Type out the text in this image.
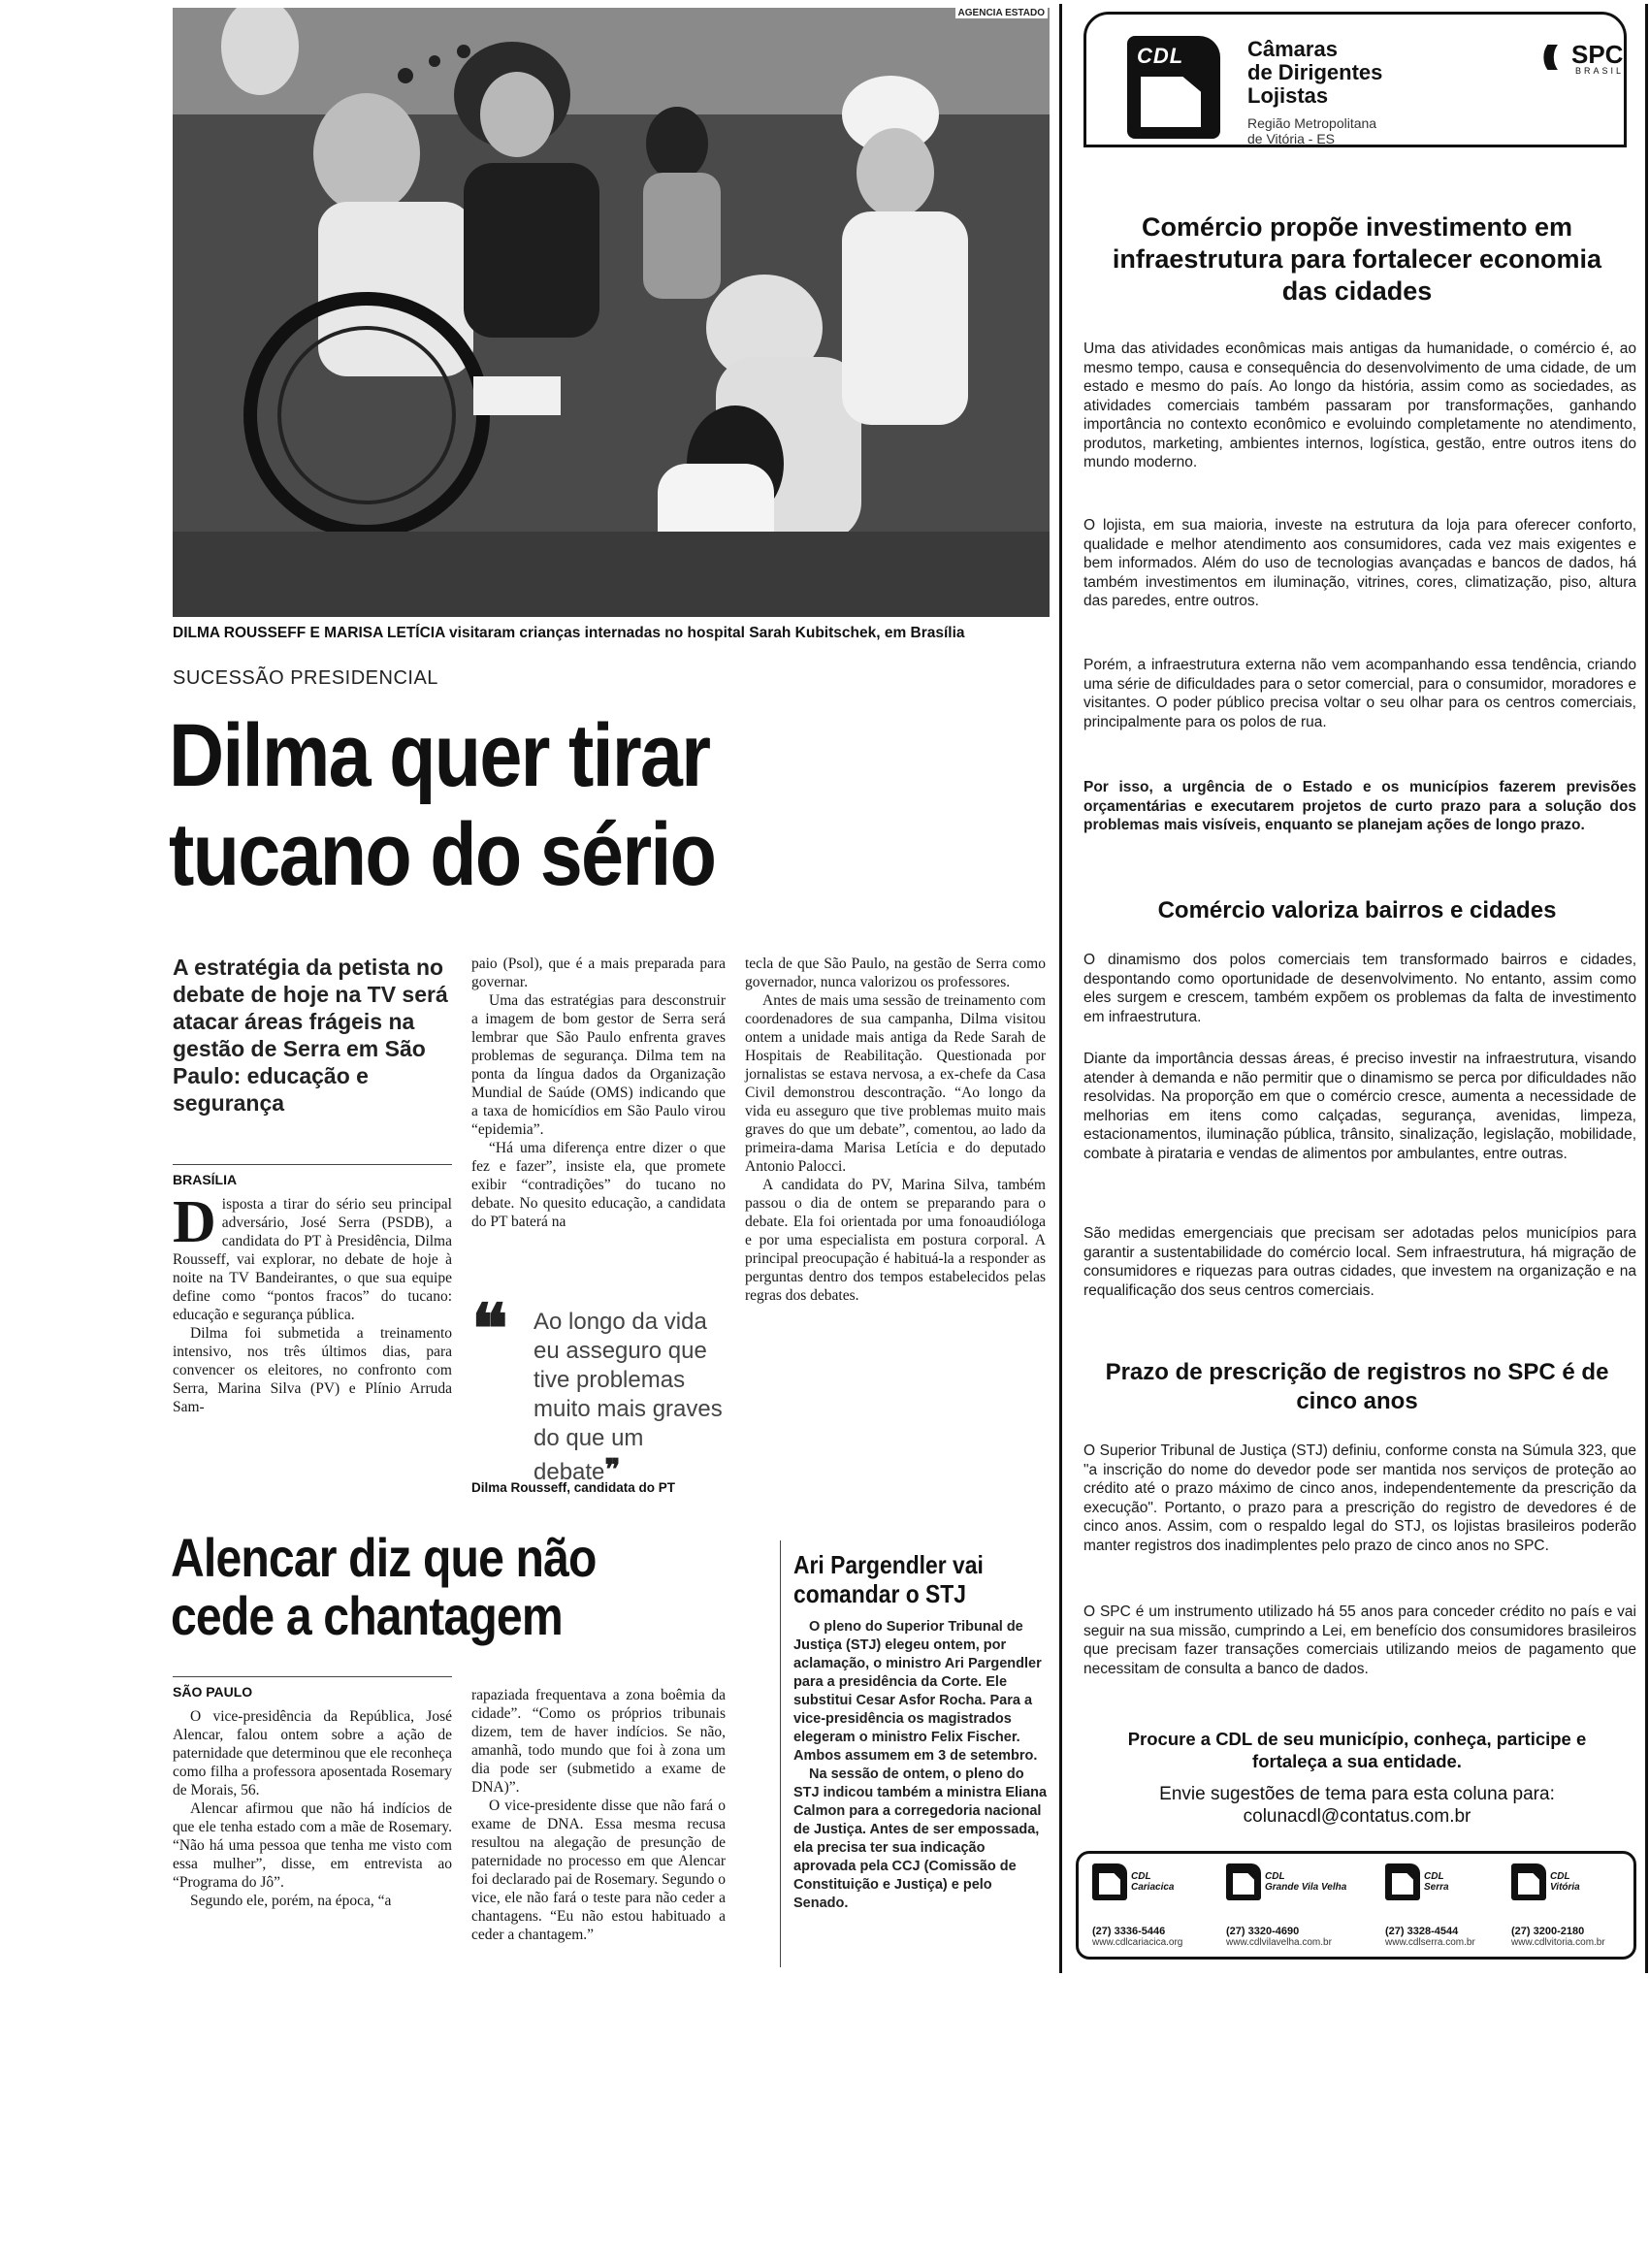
AGÊNCIA ESTADO
DILMA ROUSSEFF E MARISA LETÍCIA visitaram crianças internadas no hospital Sarah Kubitschek, em Brasília
SUCESSÃO PRESIDENCIAL
Dilma quer tirar
tucano do sério
A estratégia da petista no debate de hoje na TV será atacar áreas frágeis na gestão de Serra em São Paulo: educação e segurança
BRASÍLIA

Disposta a tirar do sério seu principal adversário, José Serra (PSDB), a candidata do PT à Presidência, Dilma Rousseff, vai explorar, no debate de hoje à noite na TV Bandeirantes, o que sua equipe define como “pontos fracos” do tucano: educação e segurança pública.

Dilma foi submetida a treinamento intensivo, nos três últimos dias, para convencer os eleitores, no confronto com Serra, Marina Silva (PV) e Plínio Arruda Sam-

paio (Psol), que é a mais preparada para governar.

Uma das estratégias para desconstruir a imagem de bom gestor de Serra será lembrar que São Paulo enfrenta graves problemas de segurança. Dilma tem na ponta da língua dados da Organização Mundial de Saúde (OMS) indicando que a taxa de homicídios em São Paulo virou “epidemia”.

“Há uma diferença entre dizer o que fez e fazer”, insiste ela, que promete exibir “contradições” do tucano no debate. No quesito educação, a candidata do PT baterá na

❝ Ao longo da vida eu asseguro que tive problemas muito mais graves do que um debate❞
Dilma Rousseff, candidata do PT

tecla de que São Paulo, na gestão de Serra como governador, nunca valorizou os professores.

Antes de mais uma sessão de treinamento com coordenadores de sua campanha, Dilma visitou ontem a unidade mais antiga da Rede Sarah de Hospitais de Reabilitação. Questionada por jornalistas se estava nervosa, a ex-chefe da Casa Civil demonstrou descontração. “Ao longo da vida eu asseguro que tive problemas muito mais graves do que um debate”, comentou, ao lado da primeira-dama Marisa Letícia e do deputado Antonio Palocci.

A candidata do PV, Marina Silva, também passou o dia de ontem se preparando para o debate. Ela foi orientada por uma fonoaudióloga e por uma especialista em postura corporal. A principal preocupação é habituá-la a responder as perguntas dentro dos tempos estabelecidos pelas regras dos debates.

Alencar diz que não cede a chantagem
SÃO PAULO

O vice-presidência da República, José Alencar, falou ontem sobre a ação de paternidade que determinou que ele reconheça como filha a professora aposentada Rosemary de Morais, 56.

Alencar afirmou que não há indícios de que ele tenha estado com a mãe de Rosemary. “Não há uma pessoa que tenha me visto com essa mulher”, disse, em entrevista ao “Programa do Jô”.

Segundo ele, porém, na época, “a

rapaziada frequentava a zona boêmia da cidade”. “Como os próprios tribunais dizem, tem de haver indícios. Se não, amanhã, todo mundo que foi à zona um dia pode ser (submetido a exame de DNA)”.

O vice-presidente disse que não fará o exame de DNA. Essa mesma recusa resultou na alegação de presunção de paternidade no processo em que Alencar foi declarado pai de Rosemary. Segundo o vice, ele não fará o teste para não ceder a chantagens. “Eu não estou habituado a ceder a chantagem.”

Ari Pargendler vai comandar o STJ

O pleno do Superior Tribunal de Justiça (STJ) elegeu ontem, por aclamação, o ministro Ari Pargendler para a presidência da Corte. Ele substitui Cesar Asfor Rocha. Para a vice-presidência os magistrados elegeram o ministro Felix Fischer. Ambos assumem em 3 de setembro.

Na sessão de ontem, o pleno do STJ indicou também a ministra Eliana Calmon para a corregedoria nacional de Justiça. Antes de ser empossada, ela precisa ter sua indicação aprovada pela CCJ (Comissão de Constituição e Justiça) e pelo Senado.

CDL	Câmaras
de Dirigentes
Lojistas
Região Metropolitana
de Vitória - ES
((( SPC
BRASIL
Comércio propõe investimento em infraestrutura para fortalecer economia das cidades
Uma das atividades econômicas mais antigas da humanidade, o comércio é, ao mesmo tempo, causa e consequência do desenvolvimento de uma cidade, de um estado e mesmo do país. Ao longo da história, assim como as sociedades, as atividades comerciais também passaram por transformações, ganhando importância no contexto econômico e evoluindo completamente no atendimento, produtos, marketing, ambientes internos, logística, gestão, entre outros itens do mundo moderno.
O lojista, em sua maioria, investe na estrutura da loja para oferecer conforto, qualidade e melhor atendimento aos consumidores, cada vez mais exigentes e bem informados. Além do uso de tecnologias avançadas e bancos de dados, há também investimentos em iluminação, vitrines, cores, climatização, piso, altura das paredes, entre outros.
Porém, a infraestrutura externa não vem acompanhando essa tendência, criando uma série de dificuldades para o setor comercial, para o consumidor, moradores e visitantes. O poder público precisa voltar o seu olhar para os centros comerciais, principalmente para os polos de rua.
Por isso, a urgência de o Estado e os municípios fazerem previsões orçamentárias e executarem projetos de curto prazo para a solução dos problemas mais visíveis, enquanto se planejam ações de longo prazo.
Comércio valoriza bairros e cidades
O dinamismo dos polos comerciais tem transformado bairros e cidades, despontando como oportunidade de desenvolvimento. No entanto, assim como eles surgem e crescem, também expõem os problemas da falta de investimento em infraestrutura.
Diante da importância dessas áreas, é preciso investir na infraestrutura, visando atender à demanda e não permitir que o dinamismo se perca por dificuldades não resolvidas. Na proporção em que o comércio cresce, aumenta a necessidade de melhorias em itens como calçadas, segurança, avenidas, limpeza, estacionamentos, iluminação pública, trânsito, sinalização, legislação, mobilidade, combate à pirataria e vendas de alimentos por ambulantes, entre outras.
São medidas emergenciais que precisam ser adotadas pelos municípios para garantir a sustentabilidade do comércio local. Sem infraestrutura, há migração de consumidores e riquezas para outras cidades, que investem na organização e na requalificação dos seus centros comerciais.
Prazo de prescrição de registros no SPC é de cinco anos
O Superior Tribunal de Justiça (STJ) definiu, conforme consta na Súmula 323, que "a inscrição do nome do devedor pode ser mantida nos serviços de proteção ao crédito até o prazo máximo de cinco anos, independentemente da prescrição da execução". Portanto, o prazo para a prescrição do registro de devedores é de cinco anos. Assim, com o respaldo legal do STJ, os lojistas brasileiros poderão manter registros dos inadimplentes pelo prazo de cinco anos no SPC.
O SPC é um instrumento utilizado há 55 anos para conceder crédito no país e vai seguir na sua missão, cumprindo a Lei, em benefício dos consumidores brasileiros que precisam fazer transações comerciais utilizando meios de pagamento que necessitam de consulta a banco de dados.
Procure a CDL de seu município, conheça, participe e fortaleça a sua entidade.
Envie sugestões de tema para esta coluna para:
colunacdl@contatus.com.br
CDL
Cariacica
(27) 3336-5446
www.cdlcariacica.org
CDL
Grande Vila Velha
(27) 3320-4690
www.cdlvilavelha.com.br
CDL
Serra
(27) 3328-4544
www.cdlserra.com.br
CDL
Vitória
(27) 3200-2180
www.cdlvitoria.com.br
